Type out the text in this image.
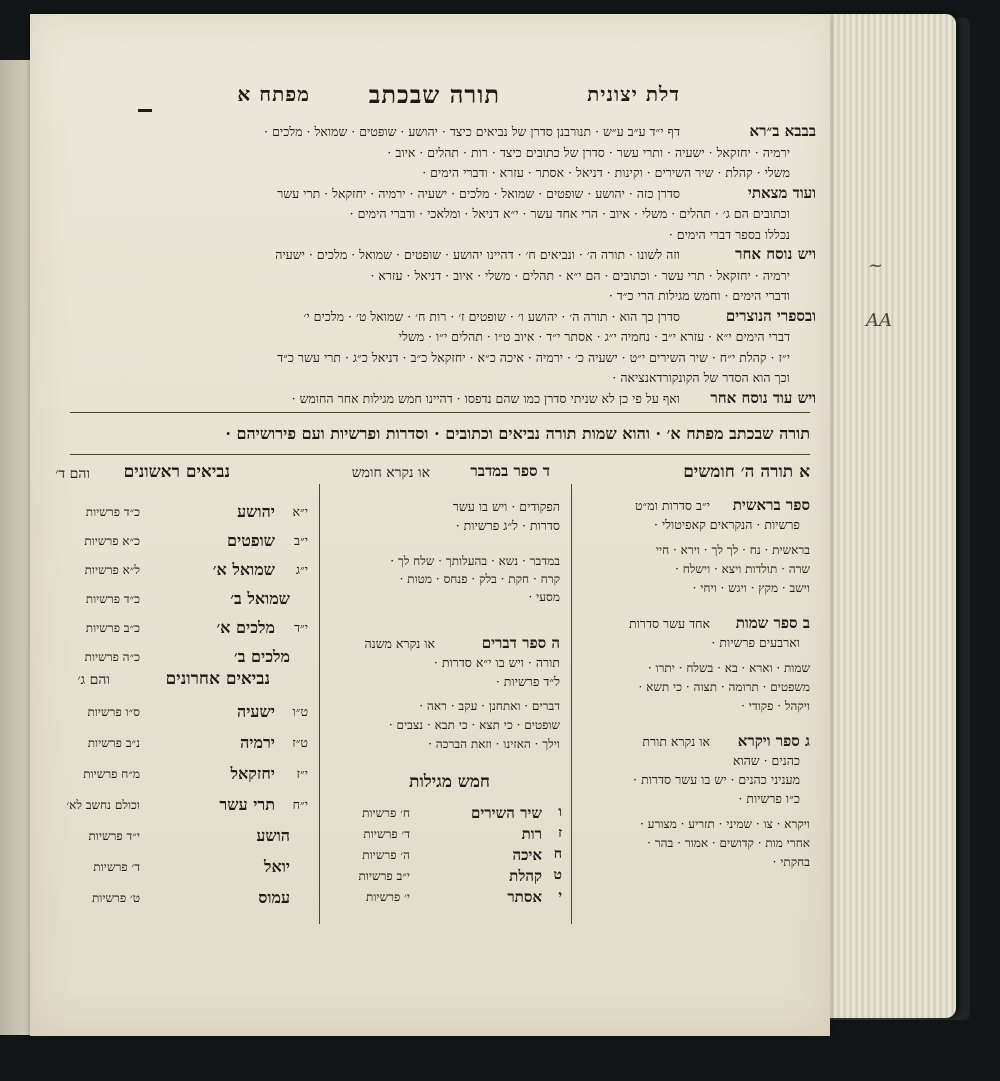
דלת יצונית
תורה שבכתב
מפתח א
בבבא ב״רא
דף י״ד ע״ב ע״ש · תנורבנן סדרן של נביאים כיצד · יהושע · שופטים · שמואל · מלכים ·
ירמיה · יחזקאל · ישעיה · ותרי עשר · סדרן של כתובים כיצד · רות · תהלים · איוב ·
משלי · קהלת · שיר השירים · וקינות · דניאל · אסתר · עזרא · ודברי הימים ·
ועוד מצאתי
סדרן כזה · יהושע · שופטים · שמואל · מלכים · ישעיה · ירמיה · יחזקאל · תרי עשר
וכתובים הם ג׳ · תהלים · משלי · איוב · הרי אחד עשר · י״א דניאל · ומלאכי · ודברי הימים ·
נכללו בספר דברי הימים ·
ויש נוסח אחר
וזה לשונו · תורה ה׳ · ונביאים ח׳ · דהיינו יהושע · שופטים · שמואל · מלכים · ישעיה
ירמיה · יחזקאל · תרי עשר · וכתובים · הם י״א · תהלים · משלי · איוב · דניאל · עזרא ·
ודברי הימים · וחמש מגילות הרי כ״ד ·
ובספרי הנוצרים
סדרן כך הוא · תורה ה׳ · יהושע ו׳ · שופטים ז׳ · רות ח׳ · שמואל ט׳ · מלכים י׳
דברי הימים י״א · עזרא י״ב · נחמיה י״ג · אסתר י״ד · איוב ט״ו · תהלים י״ו · משלי
י״ז · קהלת י״ח · שיר השירים י״ט · ישעיה כ׳ · ירמיה · איכה כ״א · יחזקאל כ״ב · דניאל כ״ג · תרי עשר כ״ד
וכך הוא הסדר של הקונקורדאנציאה ·
ויש עוד נוסח אחר
ואף על פי כן לא שניתי סדרן כמו שהם נדפסו · דהיינו חמש מגילות אחר החומש ·
תורה שבכתב מפתח א׳ · והוא שמות תורה נביאים וכתובים · וסדרות ופרשיות ועם פירושיהם ·
א תורה ה׳ חומשים
ספר בראשית
י״ב סדרות ומ״ט
פרשיות · הנקראים קאפיטולי ·
בראשית · נח · לך לך · וירא · חיי
שרה · תולדות ויצא · וישלח ·
וישב · מקץ · ויגש · ויחי ·
ב ספר שמות
אחד עשר סדרות
וארבעים פרשיות ·
שמות · וארא · בא · בשלח · יתרו ·
משפטים · תרומה · תצוה · כי תשא ·
ויקהל · פקודי ·
ג ספר ויקרא
או נקרא תורת
כהנים · שהוא
מעניני כהנים · יש בו עשר סדרות ·
כ״ו פרשיות ·
ויקרא · צו · שמיני · תזריע · מצורע ·
אחרי מות · קדושים · אמור · בהר ·
בחקתי ·
ד ספר במדבר
או נקרא חומש
הפקודים · ויש בו עשר
סדרות · ל״ג פרשיות ·
במדבר · נשא · בהעלותך · שלח לך ·
קרח · חקת · בלק · פנחס · מטות ·
מסעי ·
ה ספר דברים
או נקרא משנה
תורה · ויש בו י״א סדרות ·
ל״ד פרשיות ·
דברים · ואתחנן · עקב · ראה ·
שופטים · כי תצא · כי תבא · נצבים ·
וילך · האזינו · וזאת הברכה ·
חמש מגילות
ו
שיר השירים
ח׳ פרשיות
ז
רות
ד׳ פרשיות
ח
איכה
ה׳ פרשיות
ט
קהלת
י״ב פרשיות
י
אסתר
י׳ פרשיות
נביאים ראשונים
והם ד׳
י״א
יהושע
כ״ד פרשיות
י״ב
שופטים
כ״א פרשיות
י״ג
שמואל א׳
ל״א פרשיות
שמואל ב׳
כ״ד פרשיות
י״ד
מלכים א׳
כ״ב פרשיות
מלכים ב׳
כ״ה פרשיות
נביאים אחרונים
והם ג׳
ט״ו
ישעיה
ס״ו פרשיות
ט״ז
ירמיה
נ״ב פרשיות
י״ז
יחזקאל
מ״ח פרשיות
י״ח
תרי עשר
וכולם נחשב לא׳
הושע
י״ד פרשיות
יואל
ד׳ פרשיות
עמוס
ט׳ פרשיות
~
AA
